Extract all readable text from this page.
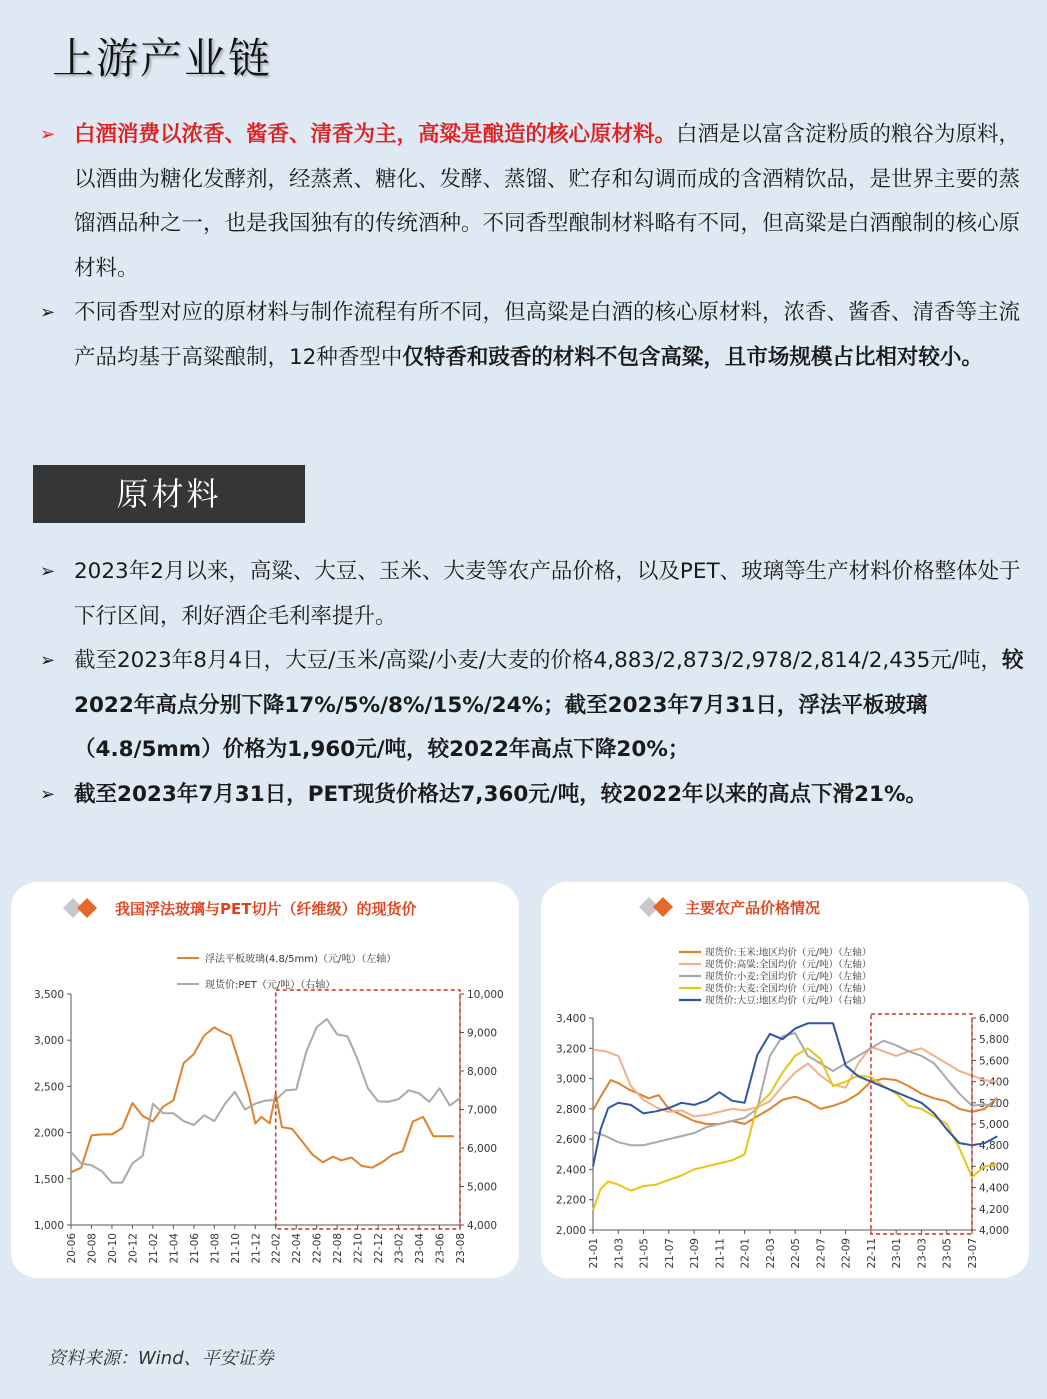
上游产业链
➢ 白酒消费以浓香、酱香、清香为主，高粱是酿造的核心原材料。白酒是以富含淀粉质的粮谷为原料，以酒曲为糖化发酵剂，经蒸煮、糖化、发酵、蒸馏、贮存和勾调而成的含酒精饮品，是世界主要的蒸馏酒品种之一，也是我国独有的传统酒种。不同香型酿制材料略有不同，但高粱是白酒酿制的核心原材料。
➢ 不同香型对应的原材料与制作流程有所不同，但高粱是白酒的核心原材料，浓香、酱香、清香等主流产品均基于高粱酿制，12种香型中仅特香和豉香的材料不包含高粱，且市场规模占比相对较小。
原材料
➢ 2023年2月以来，高粱、大豆、玉米、大麦等农产品价格，以及PET、玻璃等生产材料价格整体处于下行区间，利好酒企毛利率提升。
➢ 截至2023年8月4日，大豆/玉米/高粱/小麦/大麦的价格4,883/2,873/2,978/2,814/2,435元/吨，较2022年高点分别下降17%/5%/8%/15%/24%；截至2023年7月31日，浮法平板玻璃（4.8/5mm）价格为1,960元/吨，较2022年高点下降20%；
➢ 截至2023年7月31日，PET现货价格达7,360元/吨，较2022年以来的高点下滑21%。
我国浮法玻璃与PET切片（纤维级）的现货价
浮法平板玻璃(4.8/5mm)（元/吨）（左轴）
现货价:PET（元/吨）（右轴）
1,000
1,500
2,000
2,500
3,000
3,500
4,000
5,000
6,000
7,000
8,000
9,000
10,000
20-06 20-08 20-10 20-12 21-02 21-04 21-06 21-08 21-10 21-12 22-02 22-04 22-06 22-08 22-10 22-12 23-02 23-04 23-06 23-08
主要农产品价格情况
现货价:玉米:地区均价（元/吨）（左轴）
现货价:高粱:全国均价（元/吨）（左轴）
现货价:小麦:全国均价（元/吨）（左轴）
现货价:大麦:全国均价（元/吨）（左轴）
现货价:大豆:地区均价（元/吨）（右轴）
2,000
2,200
2,400
2,600
2,800
3,000
3,200
3,400
4,000
4,200
4,400
4,600
4,800
5,000
5,200
5,400
5,600
5,800
6,000
21-01 21-03 21-05 21-07 21-09 21-11 22-01 22-03 22-05 22-07 22-09 22-11 23-01 23-03 23-05 23-07
资料来源：Wind、平安证券
